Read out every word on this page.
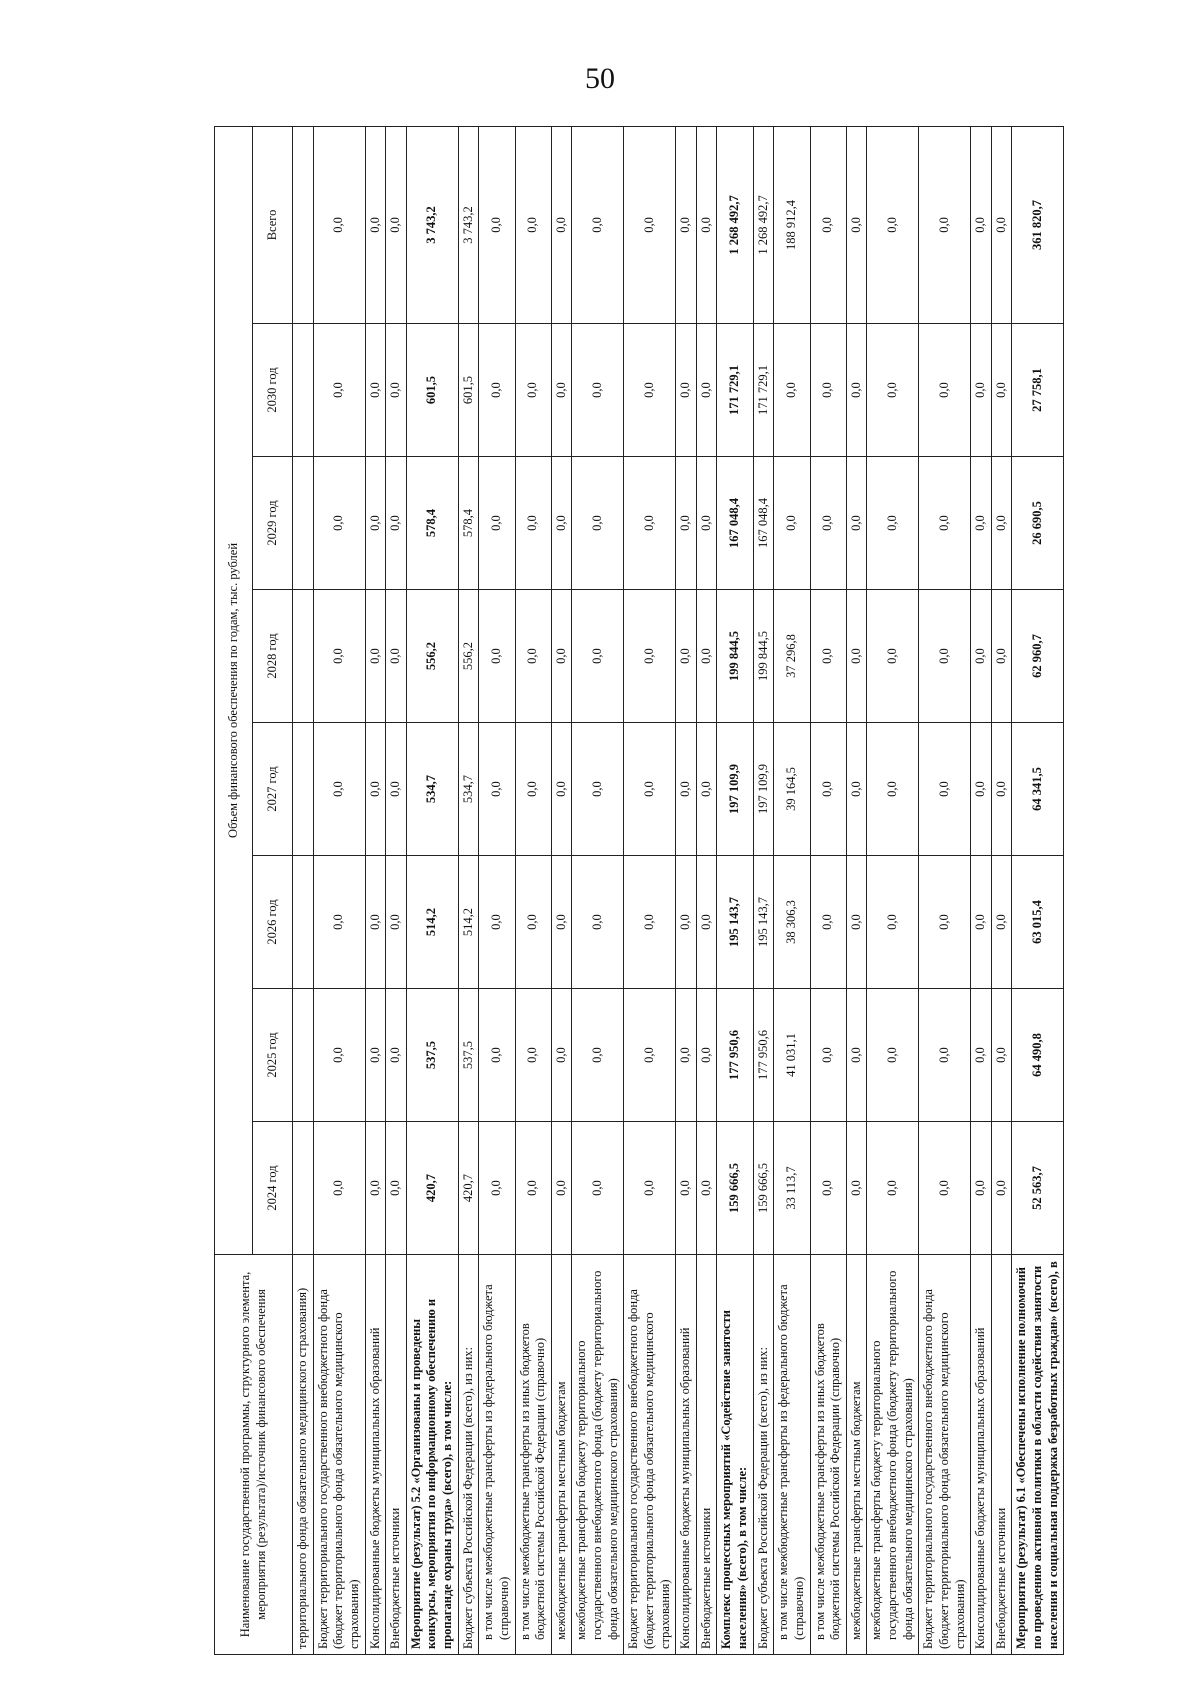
50
Наименование государственной программы, структурного элемента, мероприятия (результата)/источник финансового обеспечения	Объем финансового обеспечения по годам, тыс. рублей							
	2024 год	2025 год	2026 год	2027 год	2028 год	2029 год	2030 год	Всего
территориального фонда обязательного медицинского страхования)								
Бюджет территориального государственного внебюджетного фонда (бюджет территориального фонда обязательного медицинского страхования)	0,0	0,0	0,0	0,0	0,0	0,0	0,0	0,0
Консолидированные бюджеты муниципальных образований	0,0	0,0	0,0	0,0	0,0	0,0	0,0	0,0
Внебюджетные источники	0,0	0,0	0,0	0,0	0,0	0,0	0,0	0,0
Мероприятие (результат) 5.2 «Организованы и проведены конкурсы, мероприятия по информационному обеспечению и пропаганде охраны труда» (всего), в том числе:	420,7	537,5	514,2	534,7	556,2	578,4	601,5	3 743,2
Бюджет субъекта Российской Федерации (всего), из них:	420,7	537,5	514,2	534,7	556,2	578,4	601,5	3 743,2
в том числе межбюджетные трансферты из федерального бюджета (справочно)	0,0	0,0	0,0	0,0	0,0	0,0	0,0	0,0
в том числе межбюджетные трансферты из иных бюджетов бюджетной системы Российской Федерации (справочно)	0,0	0,0	0,0	0,0	0,0	0,0	0,0	0,0
межбюджетные трансферты местным бюджетам	0,0	0,0	0,0	0,0	0,0	0,0	0,0	0,0
межбюджетные трансферты бюджету территориального государственного внебюджетного фонда (бюджету территориального фонда обязательного медицинского страхования)	0,0	0,0	0,0	0,0	0,0	0,0	0,0	0,0
Бюджет территориального государственного внебюджетного фонда (бюджет территориального фонда обязательного медицинского страхования)	0,0	0,0	0,0	0,0	0,0	0,0	0,0	0,0
Консолидированные бюджеты муниципальных образований	0,0	0,0	0,0	0,0	0,0	0,0	0,0	0,0
Внебюджетные источники	0,0	0,0	0,0	0,0	0,0	0,0	0,0	0,0
Комплекс процессных мероприятий «Содействие занятости населения» (всего), в том числе:	159 666,5	177 950,6	195 143,7	197 109,9	199 844,5	167 048,4	171 729,1	1 268 492,7
Бюджет субъекта Российской Федерации (всего), из них:	159 666,5	177 950,6	195 143,7	197 109,9	199 844,5	167 048,4	171 729,1	1 268 492,7
в том числе межбюджетные трансферты из федерального бюджета (справочно)	33 113,7	41 031,1	38 306,3	39 164,5	37 296,8	0,0	0,0	188 912,4
в том числе межбюджетные трансферты из иных бюджетов бюджетной системы Российской Федерации (справочно)	0,0	0,0	0,0	0,0	0,0	0,0	0,0	0,0
межбюджетные трансферты местным бюджетам	0,0	0,0	0,0	0,0	0,0	0,0	0,0	0,0
межбюджетные трансферты бюджету территориального государственного внебюджетного фонда (бюджету территориального фонда обязательного медицинского страхования)	0,0	0,0	0,0	0,0	0,0	0,0	0,0	0,0
Бюджет территориального государственного внебюджетного фонда (бюджет территориального фонда обязательного медицинского страхования)	0,0	0,0	0,0	0,0	0,0	0,0	0,0	0,0
Консолидированные бюджеты муниципальных образований	0,0	0,0	0,0	0,0	0,0	0,0	0,0	0,0
Внебюджетные источники	0,0	0,0	0,0	0,0	0,0	0,0	0,0	0,0
Мероприятие (результат) 6.1 «Обеспечены исполнение полномочий по проведению активной политики в области содействия занятости населения и социальная поддержка безработных граждан» (всего), в	52 563,7	64 490,8	63 015,4	64 341,5	62 960,7	26 690,5	27 758,1	361 820,7
